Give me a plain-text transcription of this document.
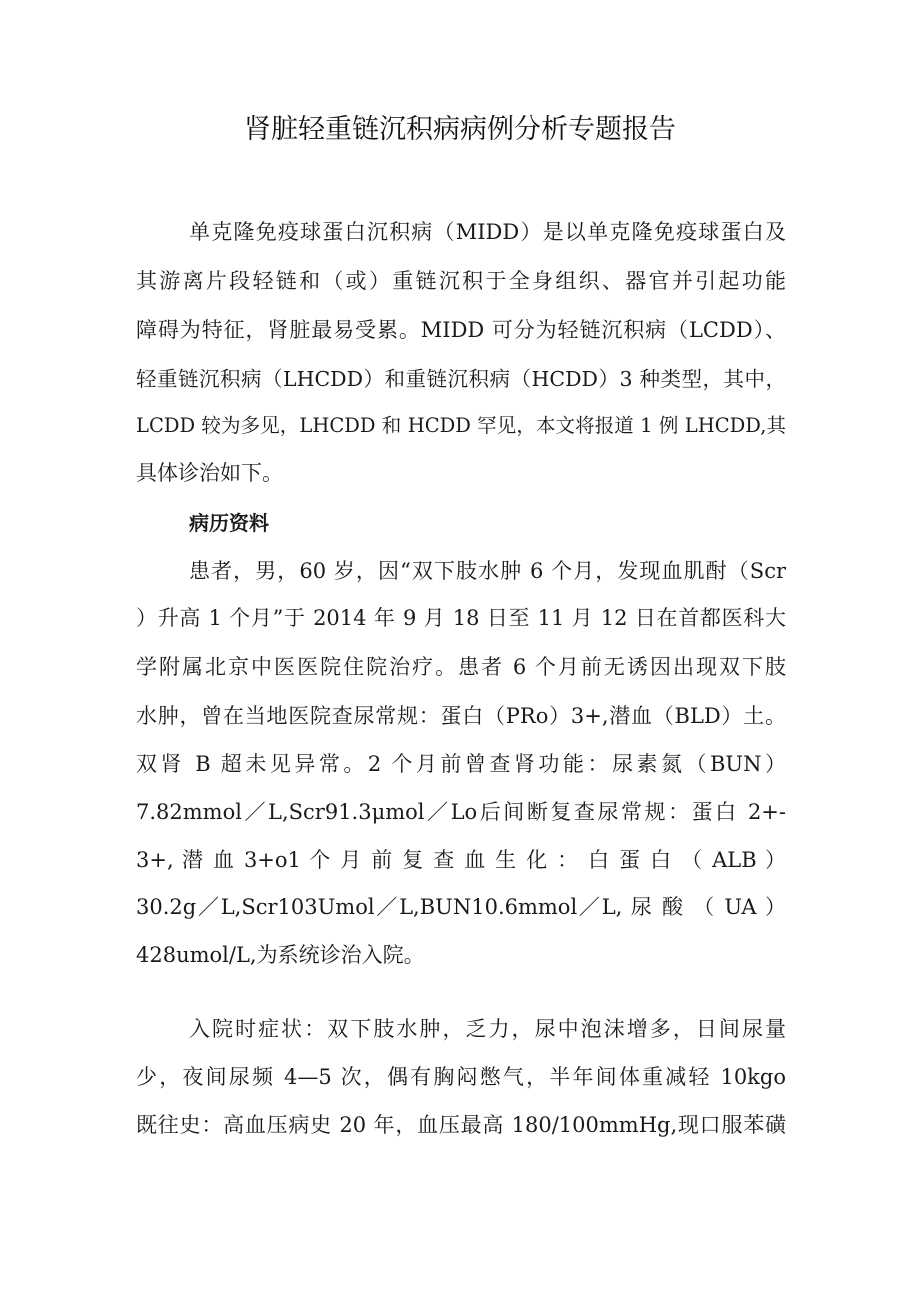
肾脏轻重链沉积病病例分析专题报告
单克隆免疫球蛋白沉积病（MIDD）是以单克隆免疫球蛋白及
其游离片段轻链和（或）重链沉积于全身组织、器官并引起功能
障碍为特征，肾脏最易受累。MIDD 可分为轻链沉积病（LCDD）、
轻重链沉积病（LHCDD）和重链沉积病（HCDD）3 种类型，其中，
LCDD 较为多见，LHCDD 和 HCDD 罕见，本文将报道 1 例 LHCDD,其
具体诊治如下。
病历资料
患者，男，60 岁，因“双下肢水肿 6 个月，发现血肌酎（Scr
）升高 1 个月”于 2014 年 9 月 18 日至 11 月 12 日在首都医科大
学附属北京中医医院住院治疗。患者 6 个月前无诱因出现双下肢
水肿，曾在当地医院查尿常规：蛋白（PRo）3+,潜血（BLD）土。
双肾 B 超未见异常。2 个月前曾查肾功能：尿素氮（BUN）
7.82mmol／L,Scr91.3μmol／Lo后间断复查尿常规：蛋白 2+-
3+, 潜 血 3+o1 个 月 前 复 查 血 生 化 ： 白 蛋 白 （ ALB ）
30.2g／L,Scr103Umol／L,BUN10.6mmol／L, 尿 酸 （ UA ）
428umol/L,为系统诊治入院。
入院时症状：双下肢水肿，乏力，尿中泡沫增多，日间尿量
少，夜间尿频 4—5 次，偶有胸闷憋气，半年间体重减轻 10kgo
既往史：高血压病史 20 年，血压最高 180/100mmHg,现口服苯磺
